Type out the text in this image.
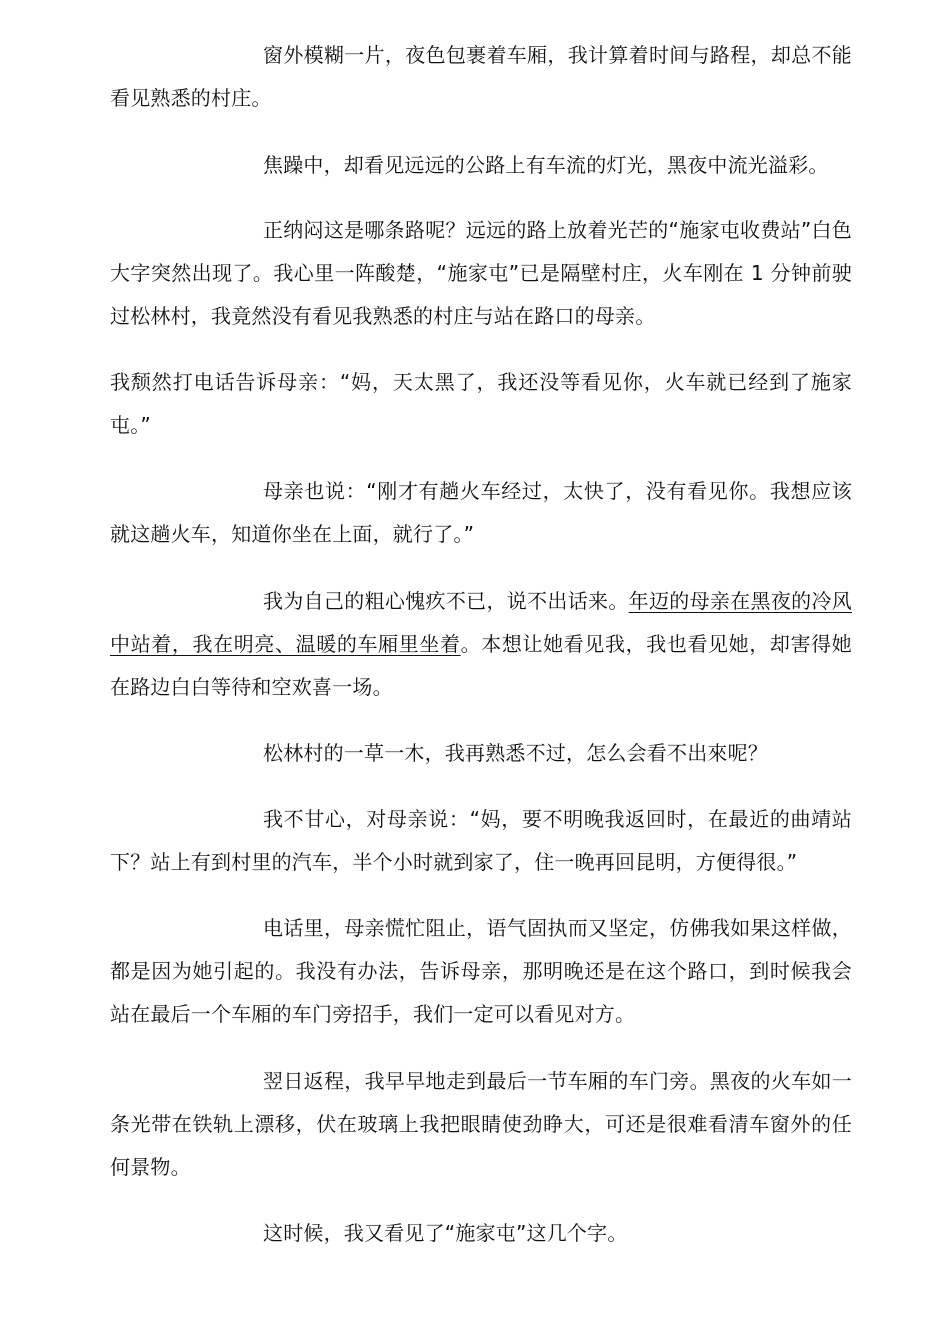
窗外模糊一片，夜色包裹着车厢，我计算着时间与路程，却总不能看见熟悉的村庄。

焦躁中，却看见远远的公路上有车流的灯光，黑夜中流光溢彩。

正纳闷这是哪条路呢？远远的路上放着光芒的“施家屯收费站”白色大字突然出现了。我心里一阵酸楚，“施家屯”已是隔壁村庄，火车刚在 1 分钟前驶过松林村，我竟然没有看见我熟悉的村庄与站在路口的母亲。

我颓然打电话告诉母亲：“妈，天太黑了，我还没等看见你，火车就已经到了施家屯。”

母亲也说：“刚才有趟火车经过，太快了，没有看见你。我想应该就这趟火车，知道你坐在上面，就行了。”

我为自己的粗心愧疚不已，说不出话来。年迈的母亲在黑夜的冷风中站着，我在明亮、温暖的车厢里坐着。本想让她看见我，我也看见她，却害得她在路边白白等待和空欢喜一场。

松林村的一草一木，我再熟悉不过，怎么会看不出來呢？

我不甘心，对母亲说：“妈，要不明晚我返回时，在最近的曲靖站下？站上有到村里的汽车，半个小时就到家了，住一晚再回昆明，方便得很。”

电话里，母亲慌忙阻止，语气固执而又坚定，仿佛我如果这样做，都是因为她引起的。我没有办法，告诉母亲，那明晚还是在这个路口，到时候我会站在最后一个车厢的车门旁招手，我们一定可以看见对方。

翌日返程，我早早地走到最后一节车厢的车门旁。黑夜的火车如一条光带在铁轨上漂移，伏在玻璃上我把眼睛使劲睁大，可还是很难看清车窗外的任何景物。

这时候，我又看见了“施家屯”这几个字。
